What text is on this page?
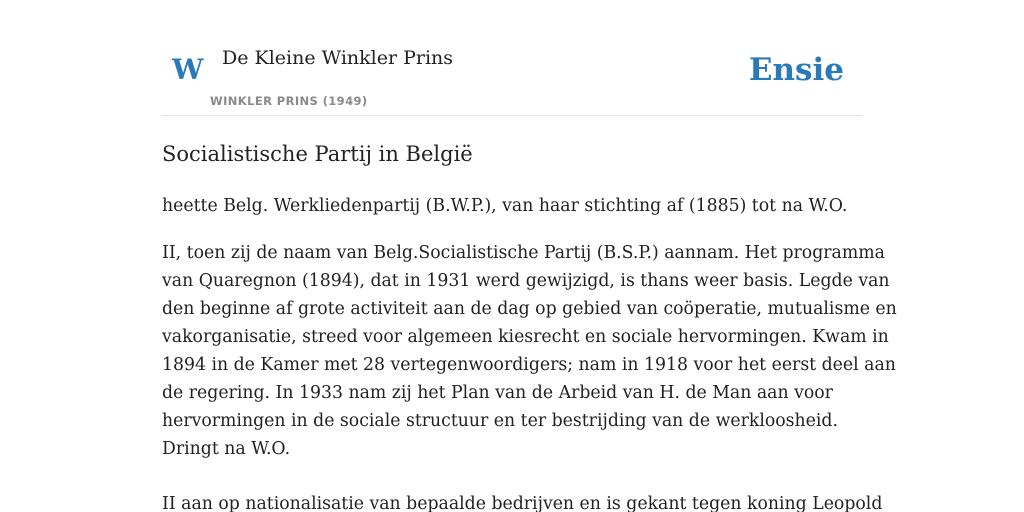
W De Kleine Winkler Prins
WINKLER PRINS (1949)
Ensie
Socialistische Partij in België

heette Belg. Werkliedenpartij (B.W.P.), van haar stichting af (1885) tot na W.O.

II, toen zij de naam van Belg.Socialistische Partij (B.S.P.) aannam. Het programma
van Quaregnon (1894), dat in 1931 werd gewijzigd, is thans weer basis. Legde van
den beginne af grote activiteit aan de dag op gebied van coöperatie, mutualisme en
vakorganisatie, streed voor algemeen kiesrecht en sociale hervormingen. Kwam in
1894 in de Kamer met 28 vertegenwoordigers; nam in 1918 voor het eerst deel aan
de regering. In 1933 nam zij het Plan van de Arbeid van H. de Man aan voor
hervormingen in de sociale structuur en ter bestrijding van de werkloosheid.
Dringt na W.O.

II aan op nationalisatie van bepaalde bedrijven en is gekant tegen koning Leopold
